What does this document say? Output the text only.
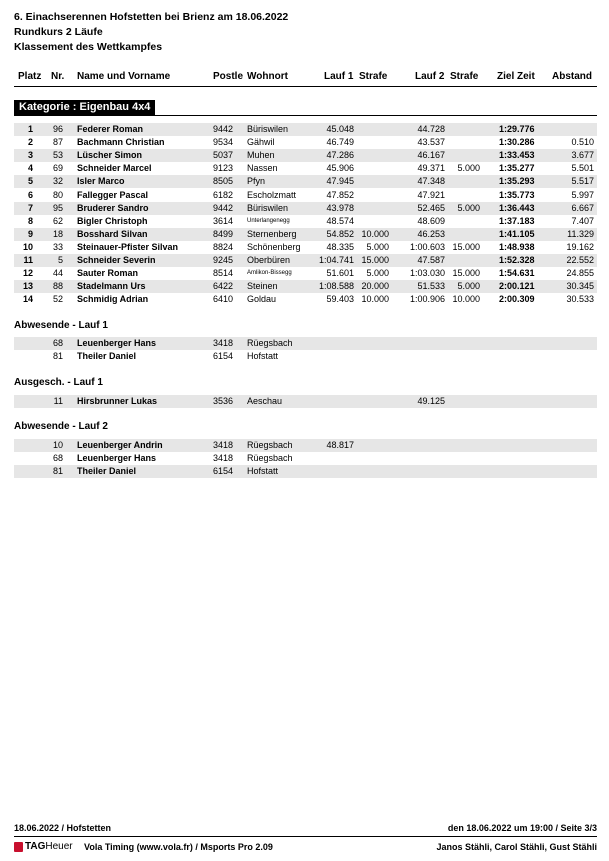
6. Einachserennen Hofstetten bei Brienz am 18.06.2022
Rundkurs 2 Läufe
Klassement des Wettkampfes
Platz Nr. Name und Vorname	Postle Wohnort	Lauf 1 Strafe	Lauf 2 Strafe Ziel Zeit Abstand
Kategorie : Eigenbau 4x4
1 96 Federer Roman	9442 Büriswilen	45.048	44.728	1:29.776
2 87 Bachmann Christian	9534 Gähwil	46.749	43.537	1:30.286	0.510
3 53 Lüscher Simon	5037 Muhen	47.286	46.167	1:33.453	3.677
4 69 Schneider Marcel	9123 Nassen	45.906	49.371 5.000 1:35.277	5.501
5 32 Isler Marco	8505 Pfyn	47.945	47.348	1:35.293	5.517
6 80 Fallegger Pascal	6182 Escholzmatt	47.852	47.921	1:35.773	5.997
7 95 Bruderer Sandro	9442 Büriswilen	43.978	52.465 5.000 1:36.443	6.667
8 62 Bigler Christoph	3614 Unterlangenegg	48.574	48.609	1:37.183	7.407
9 18 Bosshard Silvan	8499 Sternenberg	54.852 10.000	46.253	1:41.105	11.329
10 33 Steinauer-Pfister Silvan	8824 Schönenberg	48.335 5.000 1:00.603 15.000 1:48.938	19.162
11	5 Schneider Severin	9245 Oberbüren	1:04.741 15.000	47.587	1:52.328	22.552
12 44 Sauter Roman	8514 Amlikon-Bissegg	51.601 5.000 1:03.030 15.000 1:54.631	24.855
13 88 Stadelmann Urs	6422 Steinen	1:08.588 20.000	51.533 5.000 2:00.121	30.345
14 52 Schmidig Adrian	6410 Goldau	59.403 10.000 1:00.906 10.000 2:00.309	30.533
Abwesende - Lauf 1
68 Leuenberger Hans	3418 Rüegsbach
81 Theiler Daniel	6154 Hofstatt
Ausgesch. - Lauf 1
11 Hirsbrunner Lukas	3536 Aeschau	49.125
Abwesende - Lauf 2
10 Leuenberger Andrin	3418 Rüegsbach	48.817
68 Leuenberger Hans	3418 Rüegsbach
81 Theiler Daniel	6154 Hofstatt
18.06.2022 / Hofstetten	den 18.06.2022 um 19:00 / Seite 3/3
TAGHeuer Vola Timing (www.vola.fr) / Msports Pro 2.09	Janos Stähli, Carol Stähli, Gust Stähli
